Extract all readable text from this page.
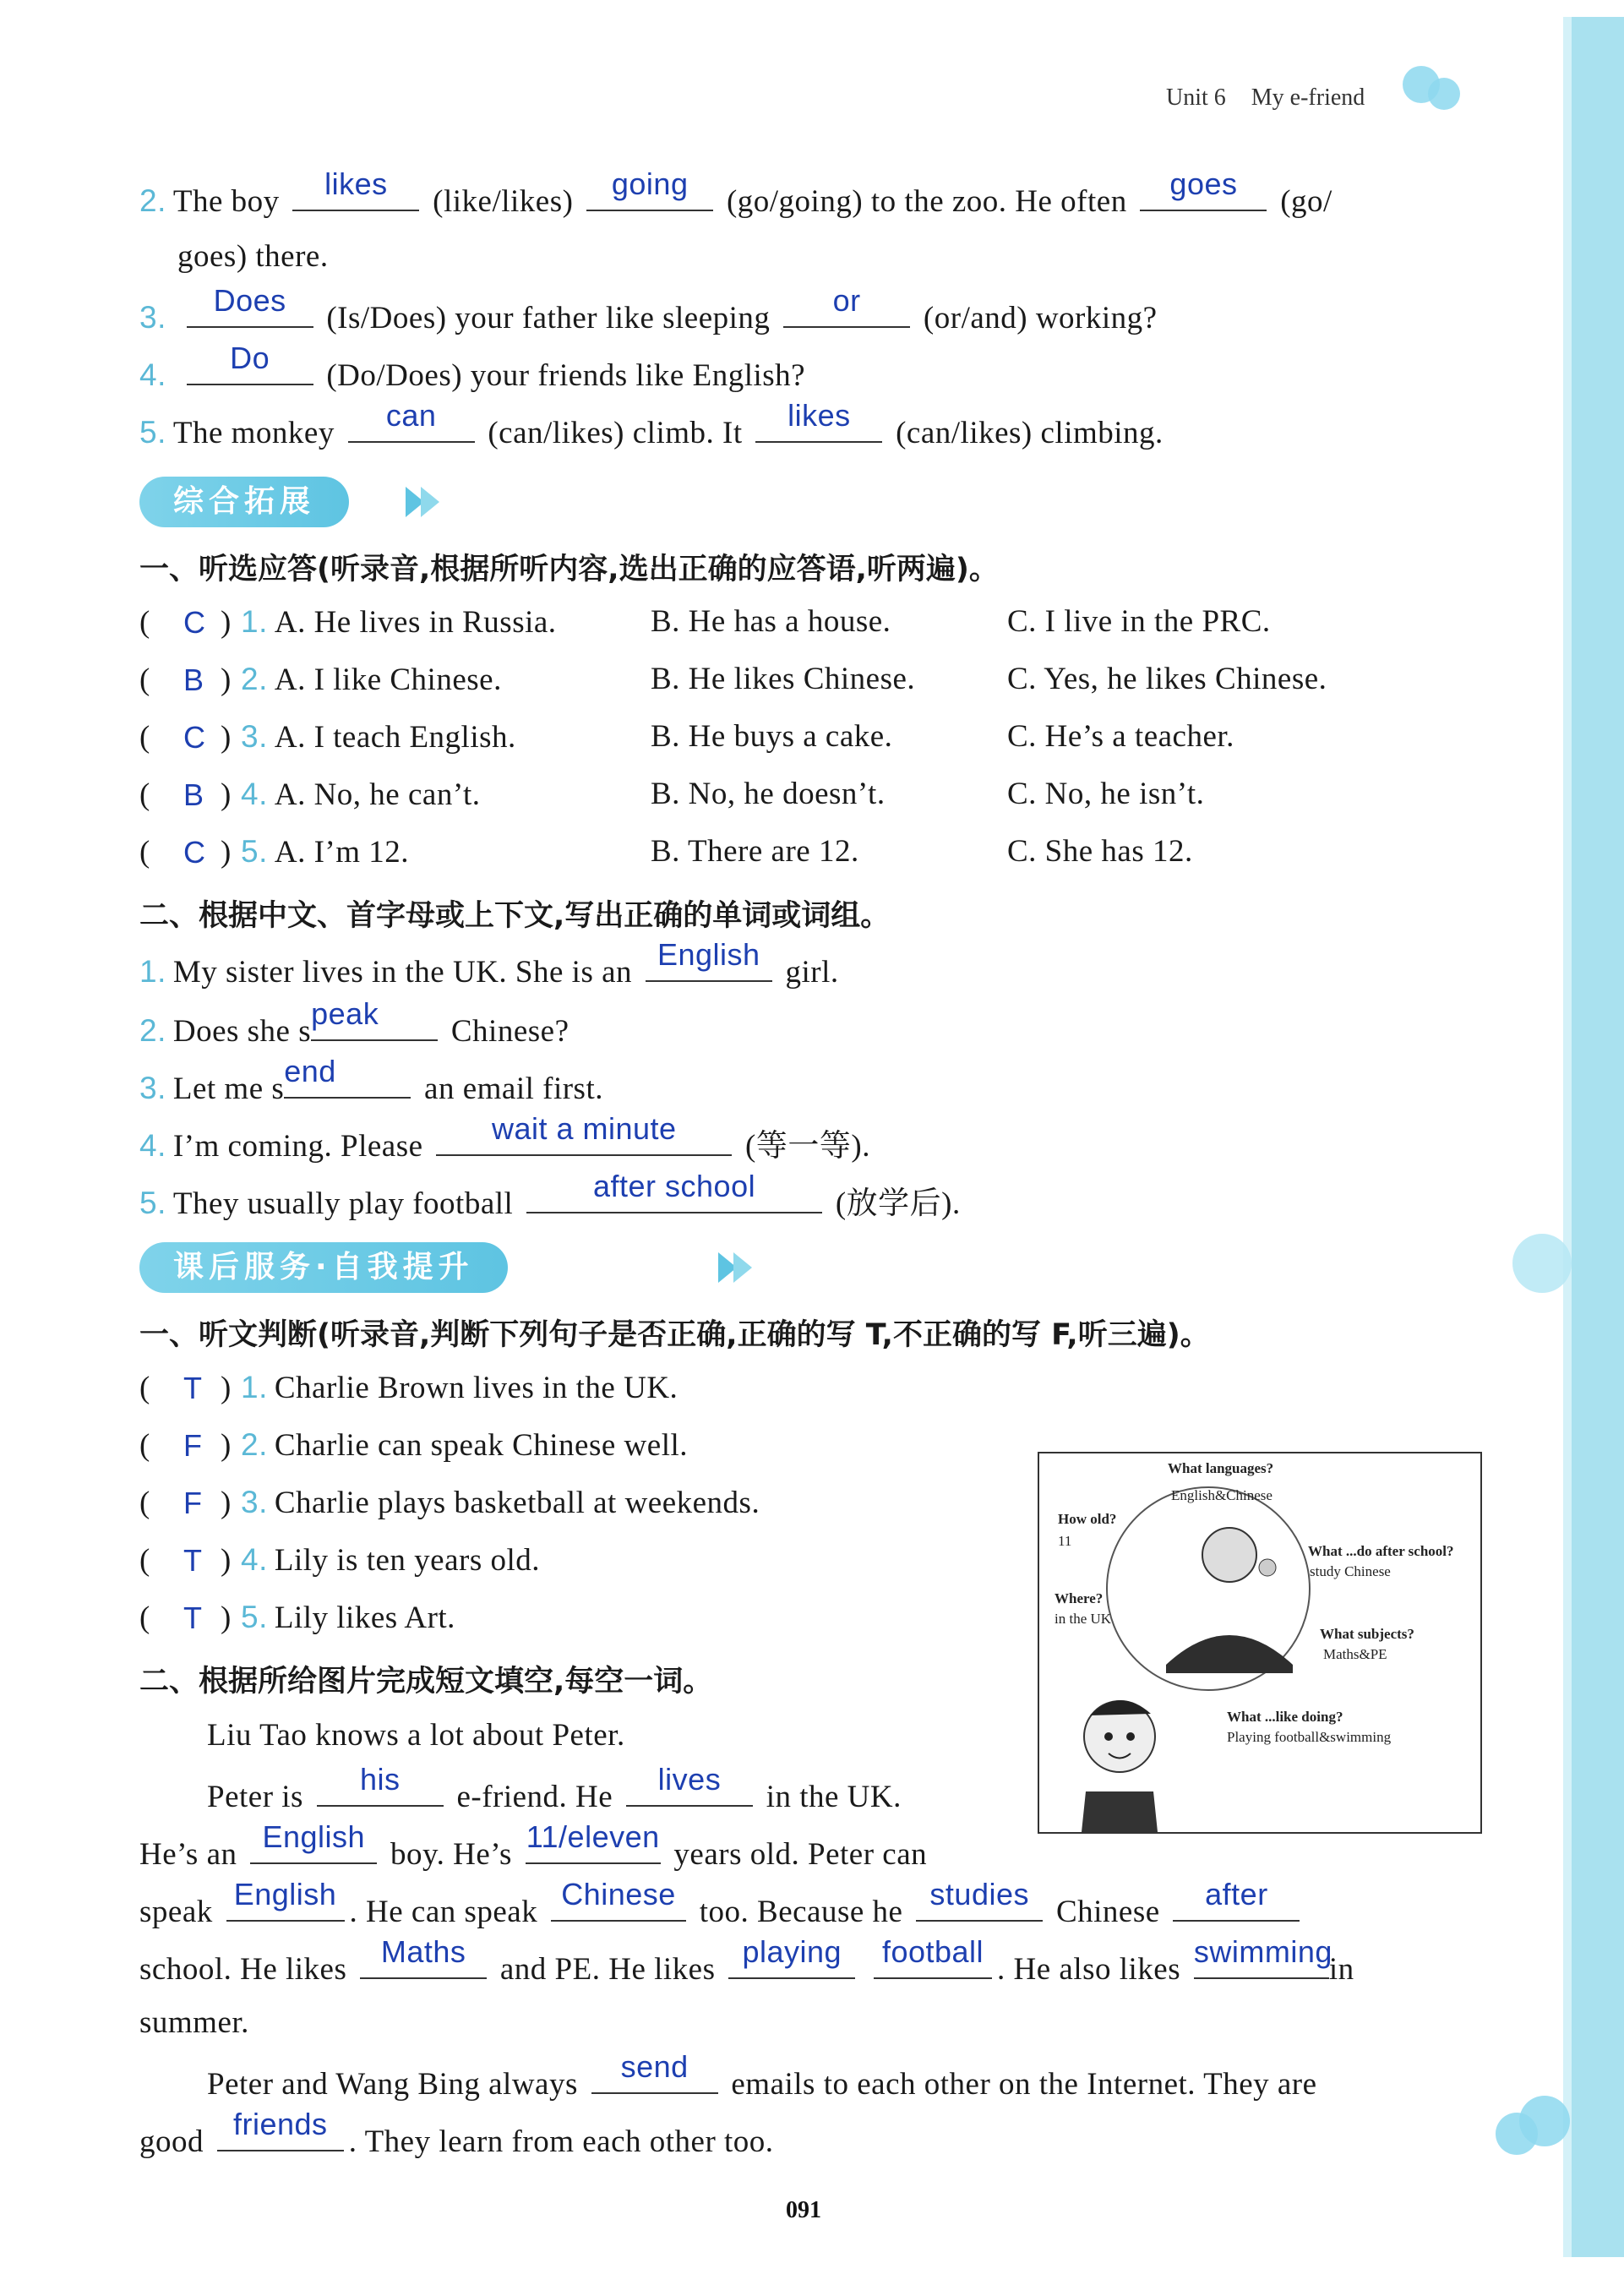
Unit 6 My e-friend
2. The boy
likes
(like/likes)
going
(go/going) to the zoo. He often
goes
(go/
goes) there.
3.	Does
(Is/Does) your father like sleeping
or
(or/and) working?
4.	Do
(Do/Does) your friends like English?
5. The monkey
can
(can/likes) climb. It
likes
(can/likes) climbing.
综合拓展
一、听选应答(听录音,根据所听内容,选出正确的应答语,听两遍)。
( C ) 1. A. He lives in Russia.	B. He has a house.	C. I live in the PRC.
( B ) 2. A. I like Chinese.	B. He likes Chinese.	C. Yes, he likes Chinese.
( C ) 3. A. I teach English.	B. He buys a cake.	C. He’s a teacher.
( B ) 4. A. No, he can’t.	B. No, he doesn’t.	C. No, he isn’t.
( C ) 5. A. I’m 12.	B. There are 12.	C. She has 12.
二、根据中文、首字母或上下文,写出正确的单词或词组。
1. My sister lives in the UK. She is an
English
girl.
2. Does she s
peak
Chinese?
3. Let me s
end
an email first.
4. I’m coming. Please
wait a minute
(等一等).
5. They usually play football
after school
(放学后).
课后服务·自我提升
一、听文判断(听录音,判断下列句子是否正确,正确的写 T,不正确的写 F,听三遍)。
( T ) 1. Charlie Brown lives in the UK.
( F ) 2. Charlie can speak Chinese well.
( F ) 3. Charlie plays basketball at weekends.
( T ) 4. Lily is ten years old.
( T ) 5. Lily likes Art.
What languages?
English&Chinese
How old?
11
What ...do after school?
study Chinese
Where?
in the UK
What subjects?
Maths&PE
What ...like doing?
Playing football&swimming
二、根据所给图片完成短文填空,每空一词。
Liu Tao knows a lot about Peter.
Peter is
his
e-friend. He
lives
in the UK.
He’s an
English
boy. He’s
11/eleven
years old. Peter can
speak
English
. He can speak
Chinese
too. Because he
studies
Chinese
after
school. He likes
Maths
and PE. He likes
playing
	football
. He also likes
swimming
in
summer.
Peter and Wang Bing always
send
emails to each other on the Internet. They are
good
friends
. They learn from each other too.
091
